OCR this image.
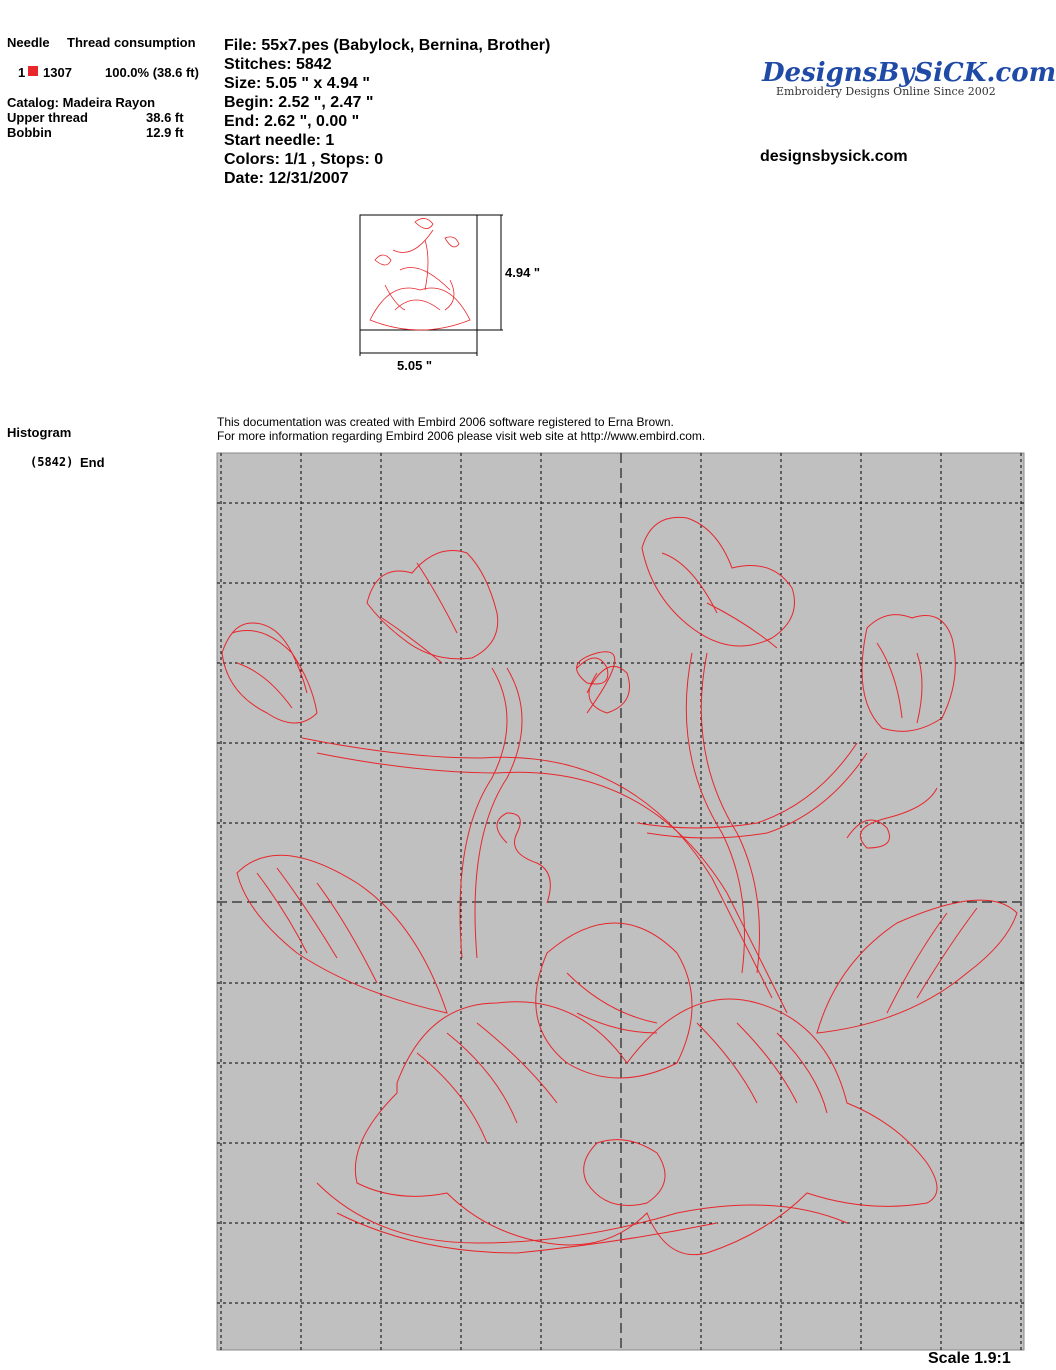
Needle Thread consumption
1 1307	100.0% (38.6 ft)
Catalog: Madeira Rayon
Upper thread	38.6 ft
Bobbin	12.9 ft
Histogram
(5842) End
File: 55x7.pes (Babylock, Bernina, Brother)
Stitches: 5842
Size: 5.05 " x 4.94 "
Begin: 2.52 ", 2.47 "
End: 2.62 ", 0.00 "
Start needle: 1
Colors: 1/1 , Stops: 0
Date: 12/31/2007
DesignsBySiCK.com
Embroidery Designs Online Since 2002
designsbysick.com
4.94 "
5.05 "
This documentation was created with Embird 2006 software registered to Erna Brown.
For more information regarding Embird 2006 please visit web site at http://www.embird.com.
Scale 1.9:1
